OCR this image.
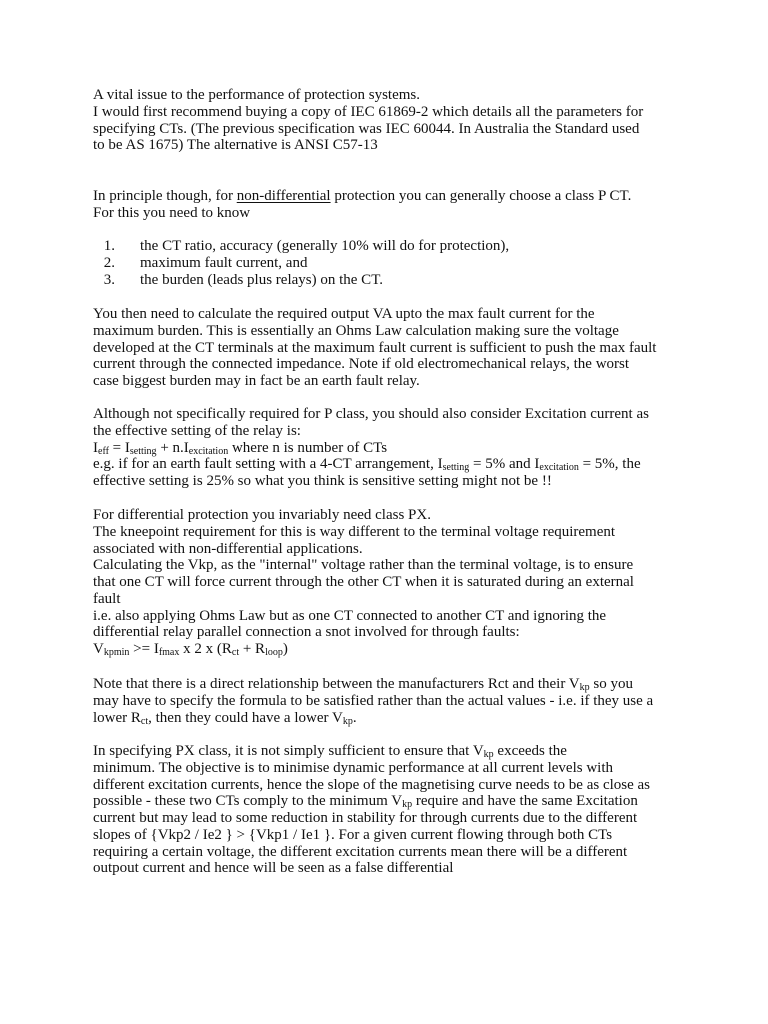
A vital issue to the performance of protection systems.
I would first recommend buying a copy of IEC 61869-2 which details all the parameters for
specifying CTs. (The previous specification was IEC 60044. In Australia the Standard used
to be AS 1675) The alternative is ANSI C57-13
In principle though, for non-differential protection you can generally choose a class P CT.
For this you need to know
1. the CT ratio, accuracy (generally 10% will do for protection),
2. maximum fault current, and
3. the burden (leads plus relays) on the CT.
You then need to calculate the required output VA upto the max fault current for the
maximum burden. This is essentially an Ohms Law calculation making sure the voltage
developed at the CT terminals at the maximum fault current is sufficient to push the max fault
current through the connected impedance. Note if old electromechanical relays, the worst
case biggest burden may in fact be an earth fault relay.
Although not specifically required for P class, you should also consider Excitation current as
the effective setting of the relay is:
$I_{eff} = I_{setting} + n.I_{excitation}$ where n is number of CTs
e.g. if for an earth fault setting with a 4-CT arrangement, $I_{setting} = 5\%$ and $I_{excitation} = 5\%$, the
effective setting is 25% so what you think is sensitive setting might not be !!
For differential protection you invariably need class PX.
The kneepoint requirement for this is way different to the terminal voltage requirement
associated with non-differential applications.
Calculating the Vkp, as the "internal" voltage rather than the terminal voltage, is to ensure
that one CT will force current through the other CT when it is saturated during an external
fault
i.e. also applying Ohms Law but as one CT connected to another CT and ignoring the
differential relay parallel connection a snot involved for through faults:
$V_{kpmin} >= I_{fmax}$ x 2 x $(R_{ct} + R_{loop})$
Note that there is a direct relationship between the manufacturers Rct and their $V_{kp}$ so you
may have to specify the formula to be satisfied rather than the actual values - i.e. if they use a
lower $R_{ct}$, then they could have a lower $V_{kp}$.
In specifying PX class, it is not simply sufficient to ensure that $V_{kp}$ exceeds the
minimum. The objective is to minimise dynamic performance at all current levels with
different excitation currents, hence the slope of the magnetising curve needs to be as close as
possible - these two CTs comply to the minimum $V_{kp}$ require and have the same Excitation
current but may lead to some reduction in stability for through currents due to the different
slopes of {Vkp2 / Ie2 } > {Vkp1 / Ie1 }. For a given current flowing through both CTs
requiring a certain voltage, the different excitation currents mean there will be a different
outpout current and hence will be seen as a false differential
